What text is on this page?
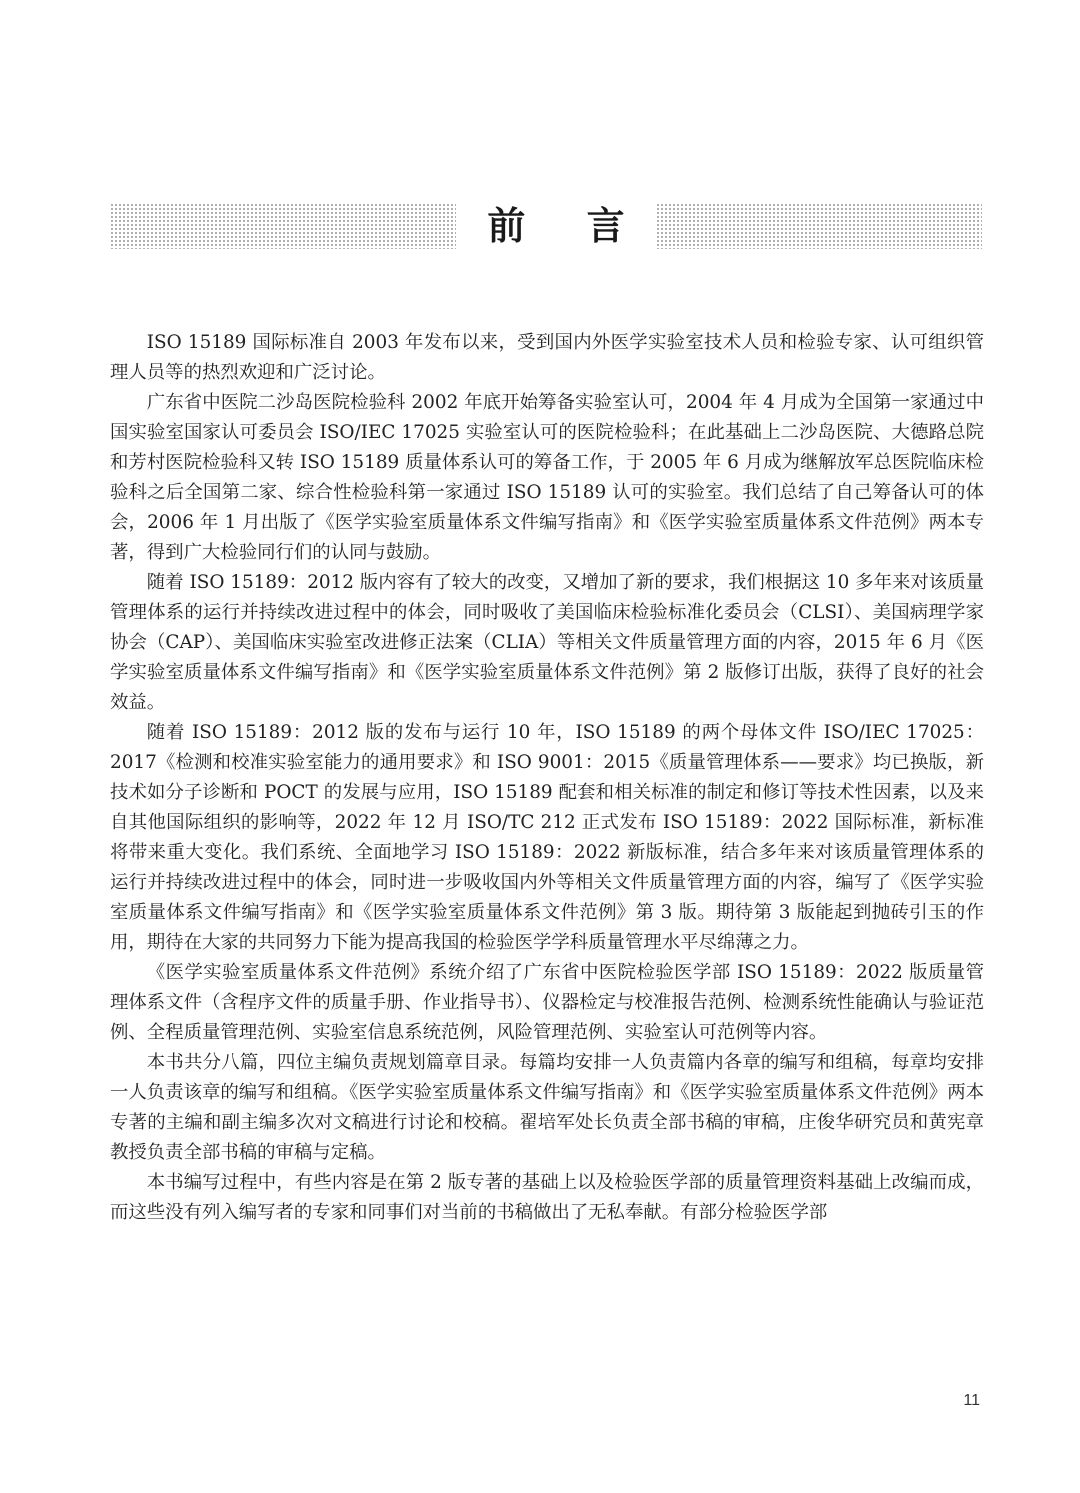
前 言

ISO 15189 国际标准自 2003 年发布以来，受到国内外医学实验室技术人员和检验专家、认可组织管理人员等的热烈欢迎和广泛讨论。

广东省中医院二沙岛医院检验科 2002 年底开始筹备实验室认可，2004 年 4 月成为全国第一家通过中国实验室国家认可委员会 ISO/IEC 17025 实验室认可的医院检验科；在此基础上二沙岛医院、大德路总院和芳村医院检验科又转 ISO 15189 质量体系认可的筹备工作，于 2005 年 6 月成为继解放军总医院临床检验科之后全国第二家、综合性检验科第一家通过 ISO 15189 认可的实验室。我们总结了自己筹备认可的体会，2006 年 1 月出版了《医学实验室质量体系文件编写指南》和《医学实验室质量体系文件范例》两本专著，得到广大检验同行们的认同与鼓励。

随着 ISO 15189：2012 版内容有了较大的改变，又增加了新的要求，我们根据这 10 多年来对该质量管理体系的运行并持续改进过程中的体会，同时吸收了美国临床检验标准化委员会（CLSI）、美国病理学家协会（CAP）、美国临床实验室改进修正法案（CLIA）等相关文件质量管理方面的内容，2015 年 6 月《医学实验室质量体系文件编写指南》和《医学实验室质量体系文件范例》第 2 版修订出版，获得了良好的社会效益。

随着 ISO 15189：2012 版的发布与运行 10 年，ISO 15189 的两个母体文件 ISO/IEC 17025：2017《检测和校准实验室能力的通用要求》和 ISO 9001：2015《质量管理体系——要求》均已换版，新技术如分子诊断和 POCT 的发展与应用，ISO 15189 配套和相关标准的制定和修订等技术性因素，以及来自其他国际组织的影响等，2022 年 12 月 ISO/TC 212 正式发布 ISO 15189：2022 国际标准，新标准将带来重大变化。我们系统、全面地学习 ISO 15189：2022 新版标准，结合多年来对该质量管理体系的运行并持续改进过程中的体会，同时进一步吸收国内外等相关文件质量管理方面的内容，编写了《医学实验室质量体系文件编写指南》和《医学实验室质量体系文件范例》第 3 版。期待第 3 版能起到抛砖引玉的作用，期待在大家的共同努力下能为提高我国的检验医学学科质量管理水平尽绵薄之力。

《医学实验室质量体系文件范例》系统介绍了广东省中医院检验医学部 ISO 15189：2022 版质量管理体系文件（含程序文件的质量手册、作业指导书）、仪器检定与校准报告范例、检测系统性能确认与验证范例、全程质量管理范例、实验室信息系统范例，风险管理范例、实验室认可范例等内容。

本书共分八篇，四位主编负责规划篇章目录。每篇均安排一人负责篇内各章的编写和组稿，每章均安排一人负责该章的编写和组稿。《医学实验室质量体系文件编写指南》和《医学实验室质量体系文件范例》两本专著的主编和副主编多次对文稿进行讨论和校稿。翟培军处长负责全部书稿的审稿，庄俊华研究员和黄宪章教授负责全部书稿的审稿与定稿。

本书编写过程中，有些内容是在第 2 版专著的基础上以及检验医学部的质量管理资料基础上改编而成，而这些没有列入编写者的专家和同事们对当前的书稿做出了无私奉献。有部分检验医学部

11
